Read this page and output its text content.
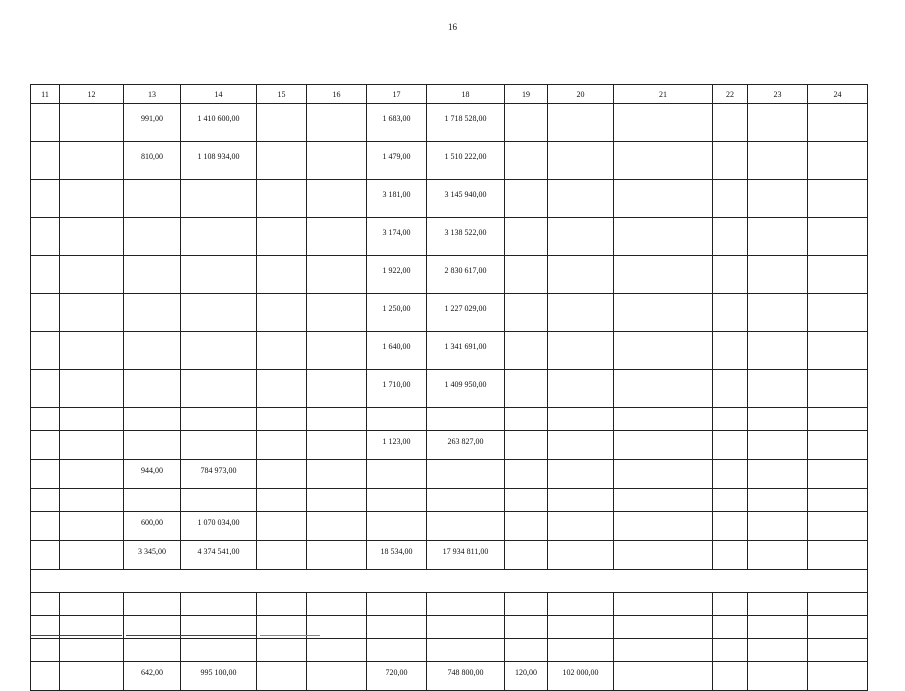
16
11	12	13	14	15	16	17	18	19	20	21	22	23	24
		991,00	1 410 600,00			1 683,00	1 718 528,00						
		810,00	1 108 934,00			1 479,00	1 510 222,00						
						3 181,00	3 145 940,00						
						3 174,00	3 138 522,00						
						1 922,00	2 830 617,00						
						1 250,00	1 227 029,00						
						1 640,00	1 341 691,00						
						1 710,00	1 409 950,00						

						1 123,00	263 827,00						
		944,00	784 973,00										

		600,00	1 070 034,00										
		3 345,00	4 374 541,00			18 534,00	17 934 811,00						

		642,00	995 100,00			720,00	748 800,00	120,00	102 000,00				
